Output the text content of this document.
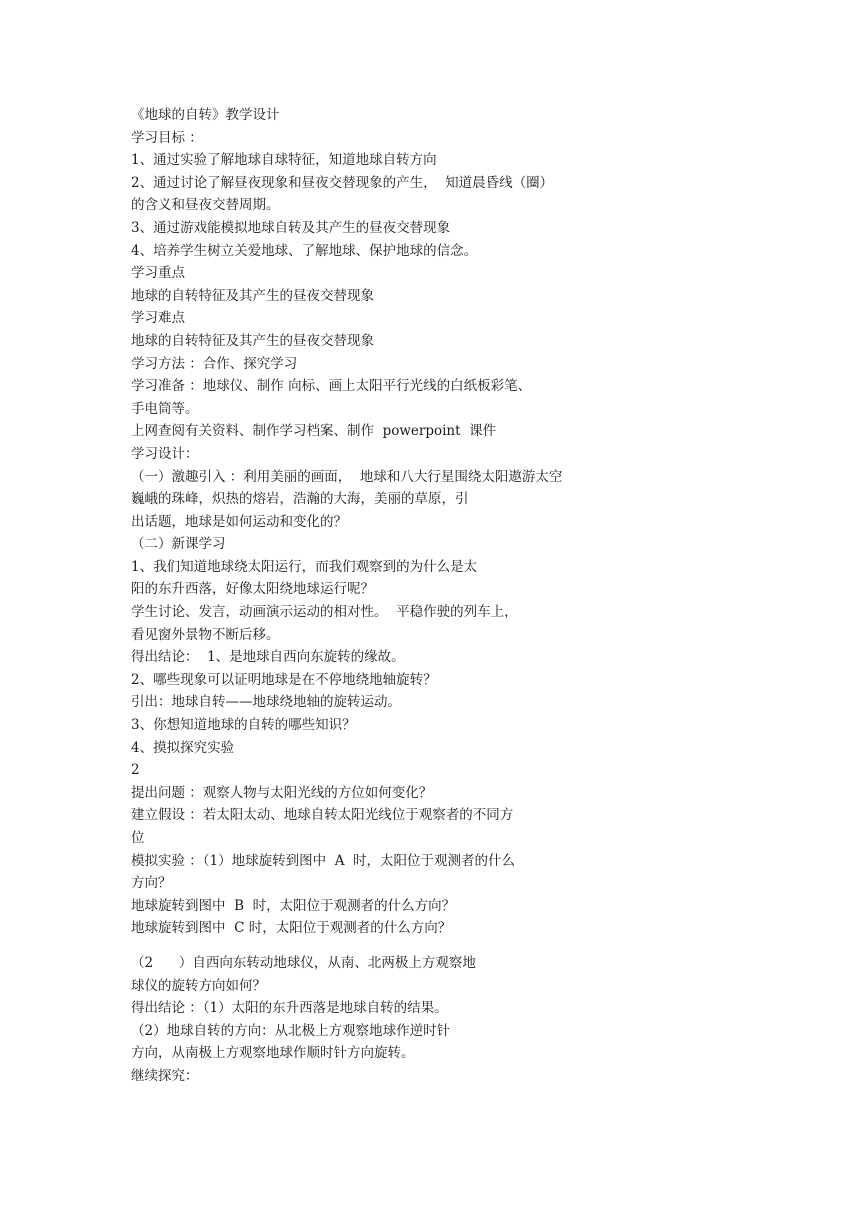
《地球的自转》教学设计
学习目标 ：
1、通过实验了解地球自球特征，知道地球自转方向
2、通过讨论了解昼夜现象和昼夜交替现象的产生，  知道晨昏线（圈）
的含义和昼夜交替周期。
3、通过游戏能模拟地球自转及其产生的昼夜交替现象
4、培养学生树立关爱地球、了解地球、保护地球的信念。
学习重点
地球的自转特征及其产生的昼夜交替现象
学习难点
地球的自转特征及其产生的昼夜交替现象
学习方法 ：合作、探究学习
学习准备 ：地球仪、制作 向标、画上太阳平行光线的白纸板彩笔、
手电筒等。
上网查阅有关资料、制作学习档案、制作  powerpoint  课件
学习设计：
（一）激趣引入 ：利用美丽的画面，  地球和八大行星围绕太阳遨游太空
巍峨的珠峰，炽热的熔岩，浩瀚的大海，美丽的草原，引
出话题，地球是如何运动和变化的？
（二）新课学习
1、我们知道地球绕太阳运行，而我们观察到的为什么是太
阳的东升西落，好像太阳绕地球运行呢？
学生讨论、发言，动画演示运动的相对性。  平稳作驶的列车上，
看见窗外景物不断后移。
得出结论：  1、是地球自西向东旋转的缘故。
2、哪些现象可以证明地球是在不停地绕地轴旋转？
引出：地球自转——地球绕地轴的旋转运动。
3、你想知道地球的自转的哪些知识？
4、摸拟探究实验
2
提出问题 ：观察人物与太阳光线的方位如何变化？
建立假设 ：若太阳太动、地球自转太阳光线位于观察者的不同方
位
模拟实验 ：（1）地球旋转到图中  A  时，太阳位于观测者的什么
方向？
地球旋转到图中  B  时，太阳位于观测者的什么方向？
地球旋转到图中  C 时，太阳位于观测者的什么方向？
（2      ）自西向东转动地球仪，从南、北两极上方观察地
球仪的旋转方向如何？
得出结论 ：（1）太阳的东升西落是地球自转的结果。
（2）地球自转的方向：从北极上方观察地球作逆时针
方向，从南极上方观察地球作顺时针方向旋转。
继续探究：
